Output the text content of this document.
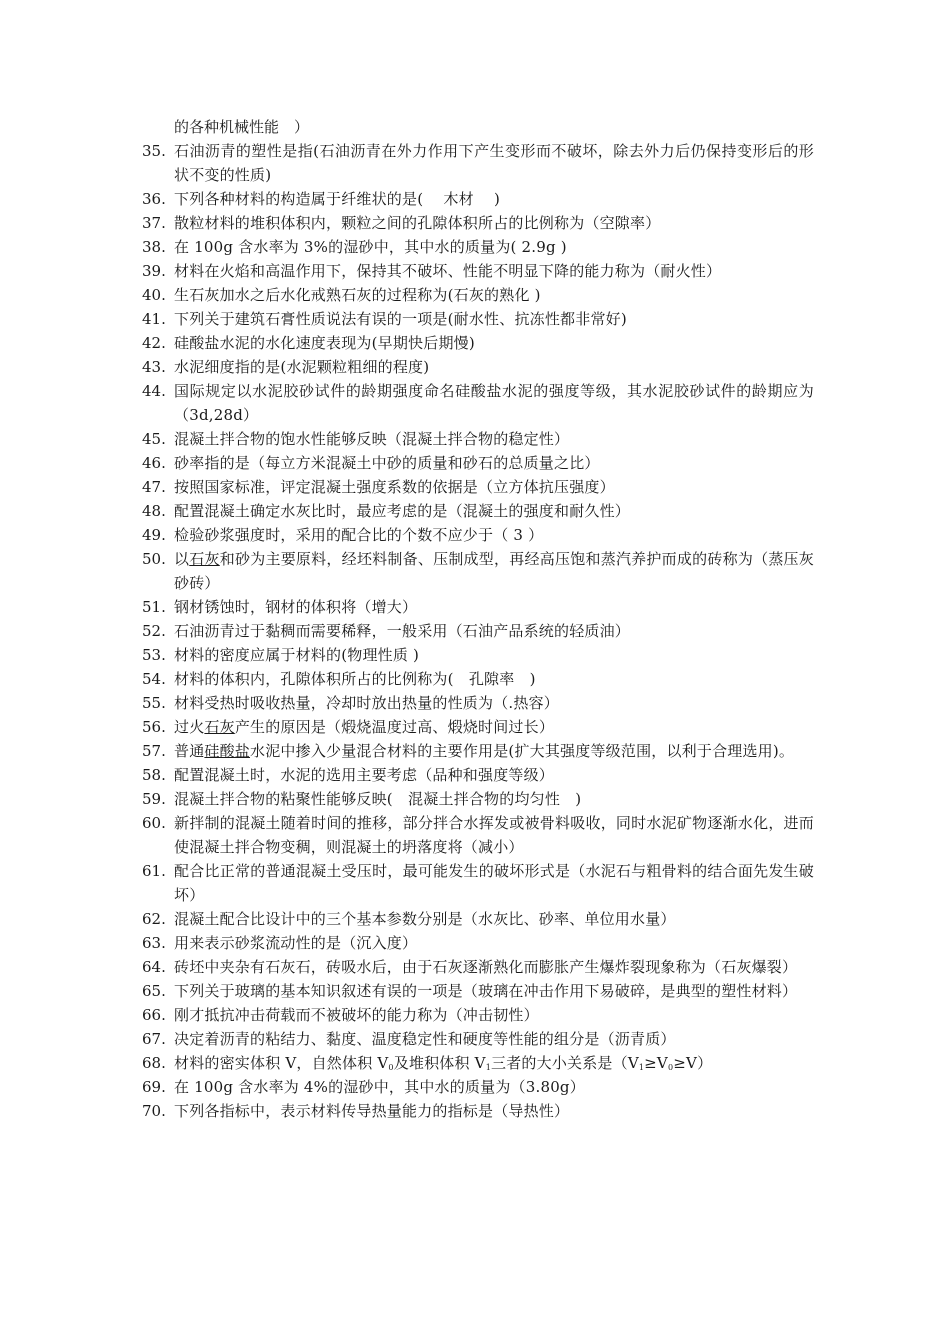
的各种机械性能　）
35. 石油沥青的塑性是指(石油沥青在外力作用下产生变形而不破坏，除去外力后仍保持变形后的形状不变的性质)
36. 下列各种材料的构造属于纤维状的是(　 木材　 )
37. 散粒材料的堆积体积内，颗粒之间的孔隙体积所占的比例称为（空隙率）
38. 在 100g 含水率为 3%的湿砂中，其中水的质量为( 2.9g )
39. 材料在火焰和高温作用下，保持其不破坏、性能不明显下降的能力称为（耐火性）
40. 生石灰加水之后水化戒熟石灰的过程称为(石灰的熟化 )
41. 下列关于建筑石膏性质说法有误的一项是(耐水性、抗冻性都非常好)
42. 硅酸盐水泥的水化速度表现为(早期快后期慢)
43. 水泥细度指的是(水泥颗粒粗细的程度)
44. 国际规定以水泥胶砂试件的龄期强度命名硅酸盐水泥的强度等级，其水泥胶砂试件的龄期应为（3d,28d）
45. 混凝土拌合物的饱水性能够反映（混凝土拌合物的稳定性）
46. 砂率指的是（每立方米混凝土中砂的质量和砂石的总质量之比）
47. 按照国家标准，评定混凝土强度系数的依据是（立方体抗压强度）
48. 配置混凝土确定水灰比时，最应考虑的是（混凝土的强度和耐久性）
49. 检验砂浆强度时，采用的配合比的个数不应少于（ 3 ）
50. 以石灰和砂为主要原料，经坯料制备、压制成型，再经高压饱和蒸汽养护而成的砖称为（蒸压灰砂砖）
51. 钢材锈蚀时，钢材的体积将（增大）
52. 石油沥青过于黏稠而需要稀释，一般采用（石油产品系统的轻质油）
53. 材料的密度应属于材料的(物理性质 )
54. 材料的体积内，孔隙体积所占的比例称为(　孔隙率　)
55. 材料受热时吸收热量，冷却时放出热量的性质为（.热容）
56. 过火石灰产生的原因是（煅烧温度过高、煅烧时间过长）
57. 普通硅酸盐水泥中掺入少量混合材料的主要作用是(扩大其强度等级范围，以利于合理选用)。
58. 配置混凝土时，水泥的选用主要考虑（品种和强度等级）
59. 混凝土拌合物的粘聚性能够反映(　混凝土拌合物的均匀性　)
60. 新拌制的混凝土随着时间的推移，部分拌合水挥发或被骨料吸收，同时水泥矿物逐渐水化，进而使混凝土拌合物变稠，则混凝土的坍落度将（减小）
61. 配合比正常的普通混凝土受压时，最可能发生的破坏形式是（水泥石与粗骨料的结合面先发生破坏）
62. 混凝土配合比设计中的三个基本参数分别是（水灰比、砂率、单位用水量）
63. 用来表示砂浆流动性的是（沉入度）
64. 砖坯中夹杂有石灰石，砖吸水后，由于石灰逐渐熟化而膨胀产生爆炸裂现象称为（石灰爆裂）
65. 下列关于玻璃的基本知识叙述有误的一项是（玻璃在冲击作用下易破碎，是典型的塑性材料）
66. 刚才抵抗冲击荷载而不被破坏的能力称为（冲击韧性）
67. 决定着沥青的粘结力、黏度、温度稳定性和硬度等性能的组分是（沥青质）
68. 材料的密实体积 V，自然体积 $V_0$及堆积体积 $V_1$三者的大小关系是$(V_1\ge V_0\ge V)$
69. 在 100g 含水率为 4%的湿砂中，其中水的质量为（3.80g）
70. 下列各指标中，表示材料传导热量能力的指标是（导热性）
